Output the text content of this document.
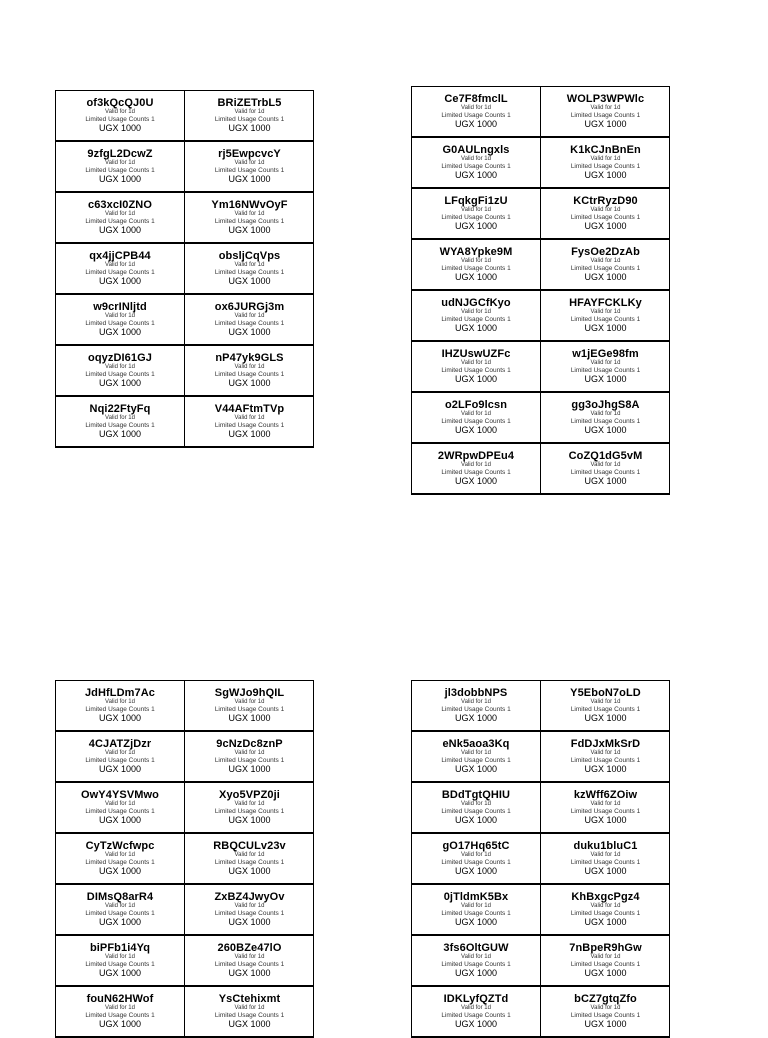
of3kQcQJ0U
Valid for 1d
Limited Usage Counts 1
UGX 1000
BRiZETrbL5
Valid for 1d
Limited Usage Counts 1
UGX 1000
9zfgL2DcwZ
Valid for 1d
Limited Usage Counts 1
UGX 1000
rj5EwpcvcY
Valid for 1d
Limited Usage Counts 1
UGX 1000
c63xcI0ZNO
Valid for 1d
Limited Usage Counts 1
UGX 1000
Ym16NWvOyF
Valid for 1d
Limited Usage Counts 1
UGX 1000
qx4jjCPB44
Valid for 1d
Limited Usage Counts 1
UGX 1000
obsljCqVps
Valid for 1d
Limited Usage Counts 1
UGX 1000
w9crINljtd
Valid for 1d
Limited Usage Counts 1
UGX 1000
ox6JURGj3m
Valid for 1d
Limited Usage Counts 1
UGX 1000
oqyzDI61GJ
Valid for 1d
Limited Usage Counts 1
UGX 1000
nP47yk9GLS
Valid for 1d
Limited Usage Counts 1
UGX 1000
Nqi22FtyFq
Valid for 1d
Limited Usage Counts 1
UGX 1000
V44AFtmTVp
Valid for 1d
Limited Usage Counts 1
UGX 1000
Ce7F8fmclL
Valid for 1d
Limited Usage Counts 1
UGX 1000
WOLP3WPWlc
Valid for 1d
Limited Usage Counts 1
UGX 1000
G0AULngxls
Valid for 1d
Limited Usage Counts 1
UGX 1000
K1kCJnBnEn
Valid for 1d
Limited Usage Counts 1
UGX 1000
LFqkgFi1zU
Valid for 1d
Limited Usage Counts 1
UGX 1000
KCtrRyzD90
Valid for 1d
Limited Usage Counts 1
UGX 1000
WYA8Ypke9M
Valid for 1d
Limited Usage Counts 1
UGX 1000
FysOe2DzAb
Valid for 1d
Limited Usage Counts 1
UGX 1000
udNJGCfKyo
Valid for 1d
Limited Usage Counts 1
UGX 1000
HFAYFCKLKy
Valid for 1d
Limited Usage Counts 1
UGX 1000
IHZUswUZFc
Valid for 1d
Limited Usage Counts 1
UGX 1000
w1jEGe98fm
Valid for 1d
Limited Usage Counts 1
UGX 1000
o2LFo9lcsn
Valid for 1d
Limited Usage Counts 1
UGX 1000
gg3oJhgS8A
Valid for 1d
Limited Usage Counts 1
UGX 1000
2WRpwDPEu4
Valid for 1d
Limited Usage Counts 1
UGX 1000
CoZQ1dG5vM
Valid for 1d
Limited Usage Counts 1
UGX 1000
JdHfLDm7Ac
Valid for 1d
Limited Usage Counts 1
UGX 1000
SgWJo9hQIL
Valid for 1d
Limited Usage Counts 1
UGX 1000
4CJATZjDzr
Valid for 1d
Limited Usage Counts 1
UGX 1000
9cNzDc8znP
Valid for 1d
Limited Usage Counts 1
UGX 1000
OwY4YSVMwo
Valid for 1d
Limited Usage Counts 1
UGX 1000
Xyo5VPZ0ji
Valid for 1d
Limited Usage Counts 1
UGX 1000
CyTzWcfwpc
Valid for 1d
Limited Usage Counts 1
UGX 1000
RBQCULv23v
Valid for 1d
Limited Usage Counts 1
UGX 1000
DIMsQ8arR4
Valid for 1d
Limited Usage Counts 1
UGX 1000
ZxBZ4JwyOv
Valid for 1d
Limited Usage Counts 1
UGX 1000
biPFb1i4Yq
Valid for 1d
Limited Usage Counts 1
UGX 1000
260BZe47lO
Valid for 1d
Limited Usage Counts 1
UGX 1000
fouN62HWof
Valid for 1d
Limited Usage Counts 1
UGX 1000
YsCtehixmt
Valid for 1d
Limited Usage Counts 1
UGX 1000
jl3dobbNPS
Valid for 1d
Limited Usage Counts 1
UGX 1000
Y5EboN7oLD
Valid for 1d
Limited Usage Counts 1
UGX 1000
eNk5aoa3Kq
Valid for 1d
Limited Usage Counts 1
UGX 1000
FdDJxMkSrD
Valid for 1d
Limited Usage Counts 1
UGX 1000
BDdTgtQHIU
Valid for 1d
Limited Usage Counts 1
UGX 1000
kzWff6ZOiw
Valid for 1d
Limited Usage Counts 1
UGX 1000
gO17Hq65tC
Valid for 1d
Limited Usage Counts 1
UGX 1000
duku1bluC1
Valid for 1d
Limited Usage Counts 1
UGX 1000
0jTldmK5Bx
Valid for 1d
Limited Usage Counts 1
UGX 1000
KhBxgcPgz4
Valid for 1d
Limited Usage Counts 1
UGX 1000
3fs6OltGUW
Valid for 1d
Limited Usage Counts 1
UGX 1000
7nBpeR9hGw
Valid for 1d
Limited Usage Counts 1
UGX 1000
IDKLyfQZTd
Valid for 1d
Limited Usage Counts 1
UGX 1000
bCZ7gtqZfo
Valid for 1d
Limited Usage Counts 1
UGX 1000
